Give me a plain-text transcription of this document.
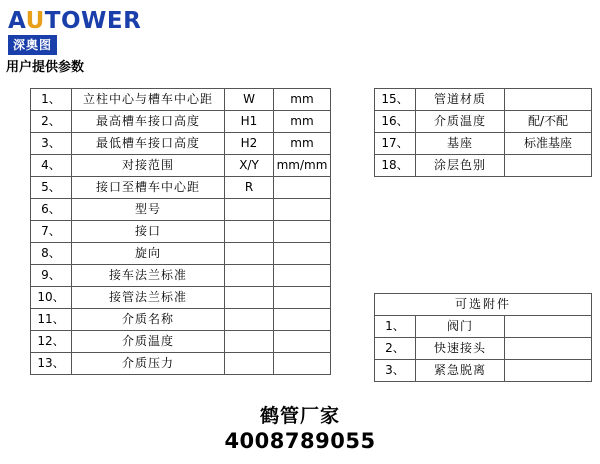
AUTOWER
深奥图
用户提供参数
1、	立柱中心与槽车中心距	W	mm
2、	最高槽车接口高度	H1	mm
3、	最低槽车接口高度	H2	mm
4、	对接范围	X/Y	mm/mm
5、	接口至槽车中心距	R	
6、	型号		
7、	接口		
8、	旋向		
9、	接车法兰标准		
10、	接管法兰标准		
11、	介质名称		
12、	介质温度		
13、	介质压力		
15、	管道材质	
16、	介质温度	配/不配
17、	基座	标准基座
18、	涂层色别	
可选附件		
1、	阀门	
2、	快速接头	
3、	紧急脱离	
鹤管厂家
4008789055
